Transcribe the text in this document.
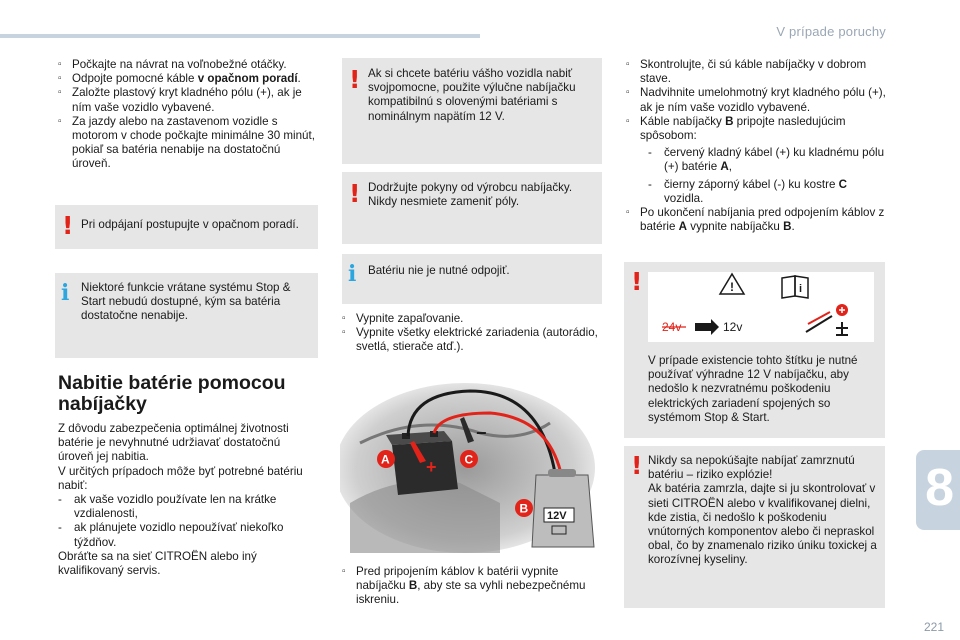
V prípade poruchy
8
221
▫ Počkajte na návrat na voľnobežné otáčky.
▫ Odpojte pomocné káble v opačnom poradí.
▫ Založte plastový kryt kladného pólu (+), ak je ním vaše vozidlo vybavené.
▫ Za jazdy alebo na zastavenom vozidle s motorom v chode počkajte minimálne 30 minút, pokiaľ sa batéria nenabije na dostatočnú úroveň.
! Pri odpájaní postupujte v opačnom poradí.
i Niektoré funkcie vrátane systému Stop & Start nebudú dostupné, kým sa batéria dostatočne nenabije.
Nabitie batérie pomocou
nabíjačky
Z dôvodu zabezpečenia optimálnej životnosti batérie je nevyhnutné udržiavať dostatočnú úroveň jej nabitia.
V určitých prípadoch môže byť potrebné batériu nabiť:
- ak vaše vozidlo používate len na krátke vzdialenosti,
- ak plánujete vozidlo nepoužívať niekoľko týždňov.
Obráťte sa na sieť CITROËN alebo iný kvalifikovaný servis.
! Ak si chcete batériu vášho vozidla nabiť svojpomocne, použite výlučne nabíjačku kompatibilnú s olovenými batériami s nominálnym napätím 12 V.
! Dodržujte pokyny od výrobcu nabíjačky. Nikdy nesmiete zameniť póly.
i Batériu nie je nutné odpojiť.
▫ Vypnite zapaľovanie.
▫ Vypnite všetky elektrické zariadenia (autorádio, svetlá, stierače atď.).
+
−
12V
A	C
B
▫ Pred pripojením káblov k batérii vypnite nabíjačku B, aby ste sa vyhli nebezpečnému iskreniu.
▫ Skontrolujte, či sú káble nabíjačky v dobrom stave.
▫ Nadvihnite umelohmotný kryt kladného pólu (+), ak je ním vaše vozidlo vybavené.
▫ Káble nabíjačky B pripojte nasledujúcim spôsobom:
- červený kladný kábel (+) ku kladnému pólu (+) batérie A,
- čierny záporný kábel (-) ku kostre C vozidla.
▫ Po ukončení nabíjania pred odpojením káblov z batérie A vypnite nabíjačku B.
!
V prípade existencie tohto štítku je nutné používať výhradne 12 V nabíjačku, aby nedošlo k nezvratnému poškodeniu elektrických zariadení spojených so systémom Stop & Start.
!	i
24v	12v
! Nikdy sa nepokúšajte nabíjať zamrznutú batériu – riziko explózie!
Ak batéria zamrzla, dajte si ju skontrolovať v sieti CITROËN alebo v kvalifikovanej dielni, kde zistia, či nedošlo k poškodeniu vnútorných komponentov alebo či nepraskol obal, čo by znamenalo riziko úniku toxickej a korozívnej kyseliny.
